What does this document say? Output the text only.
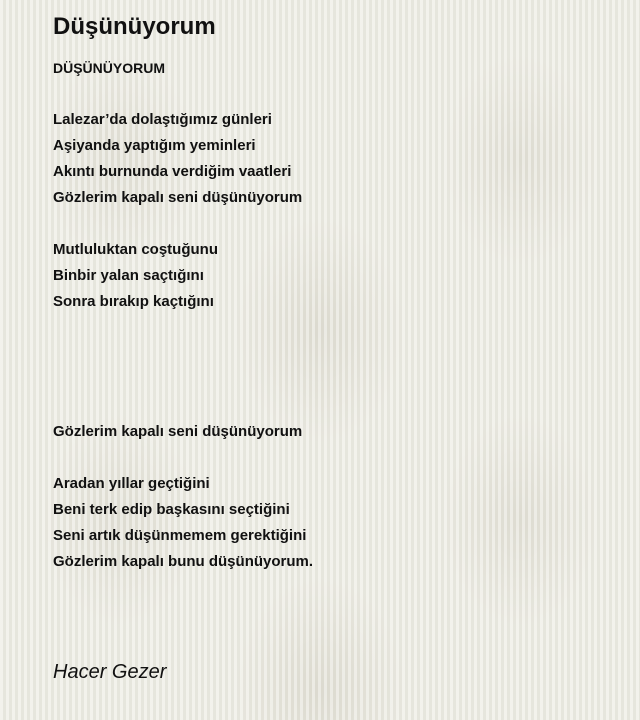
Düşünüyorum
DÜŞÜNÜYORUM
Lalezar’da dolaştığımız günleri
Aşiyanda yaptığım yeminleri
Akıntı burnunda verdiğim vaatleri
Gözlerim kapalı seni düşünüyorum
Mutluluktan coştuğunu
Binbir yalan saçtığını
Sonra bırakıp kaçtığını
Gözlerim kapalı seni düşünüyorum
Aradan yıllar geçtiğini
Beni terk edip başkasını seçtiğini
Seni artık düşünmemem gerektiğini
Gözlerim kapalı bunu düşünüyorum.
Hacer Gezer
